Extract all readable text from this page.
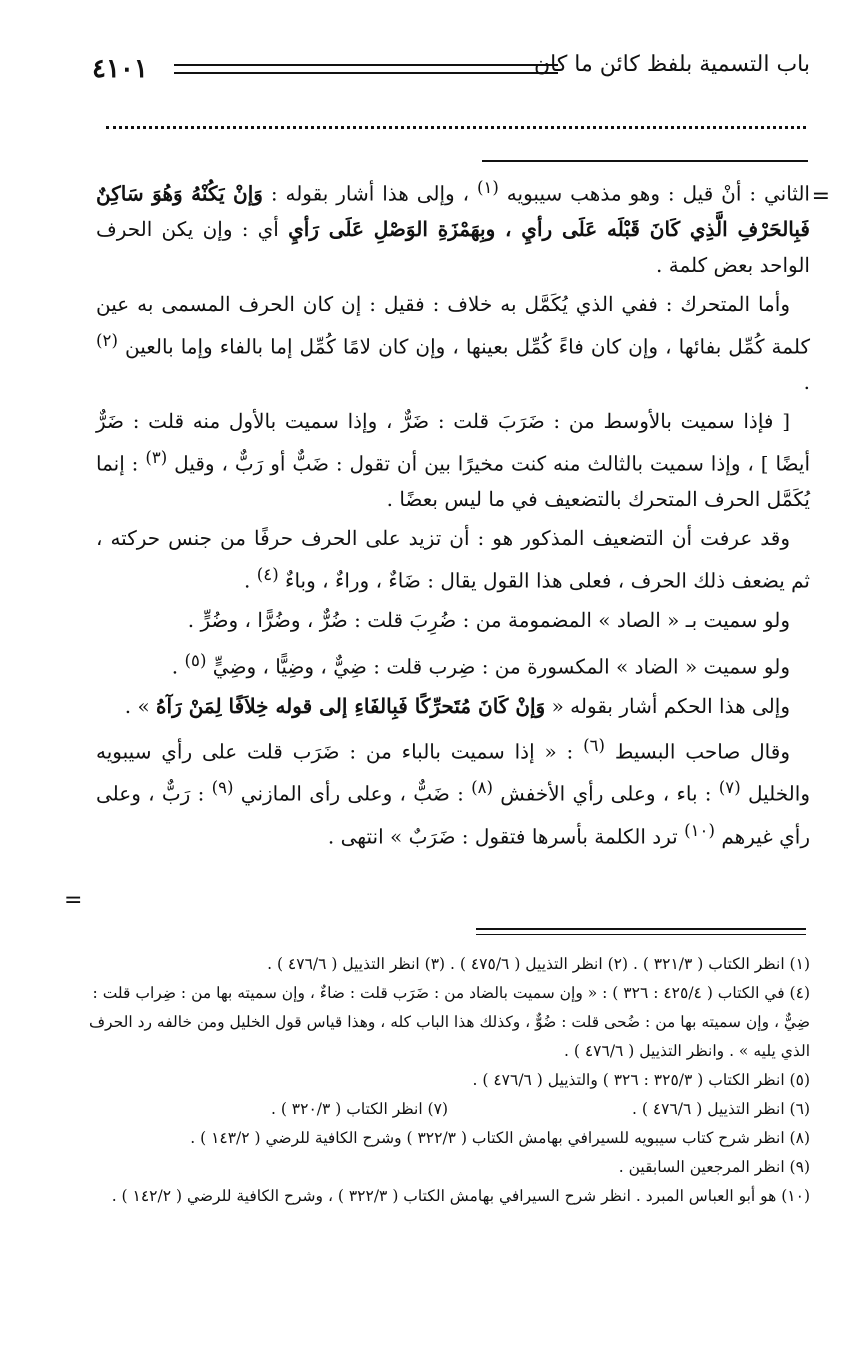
٤١٠١	باب التسمية بلفظ كائن ما كان
=
=

الثاني : أنْ قيل : وهو مذهب سيبويه $^{(١)}$ ، وإلى هذا أشار بقوله : وَإنْ يَكُنْهُ وَهُوَ سَاكِنٌ فَبِالحَرْفِ الَّذِي كَانَ قَبْلَه عَلَى رأيِ ، وبِهَمْزَةِ الوَصْلِ عَلَى رَأيِ أي : وإن يكن الحرف الواحد بعض كلمة .

وأما المتحرك : ففي الذي يُكَمَّل به خلاف : فقيل : إن كان الحرف المسمى به عين كلمة كُمِّل بفائها ، وإن كان فاءً كُمِّل بعينها ، وإن كان لامًا كُمِّل إما بالفاء وإما بالعين $^{(٢)}$ .

[ فإذا سميت بالأوسط من : ضَرَبَ قلت : ضَرٌّ ، وإذا سميت بالأول منه قلت : ضَرٌّ أيضًا ] ، وإذا سميت بالثالث منه كنت مخيرًا بين أن تقول : ضَبٌّ أو رَبٌّ ، وقيل $^{(٣)}$ : إنما يُكَمَّل الحرف المتحرك بالتضعيف في ما ليس بعضًا .

وقد عرفت أن التضعيف المذكور هو : أن تزيد على الحرف حرفًا من جنس حركته ، ثم يضعف ذلك الحرف ، فعلى هذا القول يقال : ضَاءٌ ، وراءٌ ، وباءٌ $^{(٤)}$ .

ولو سميت بـ « الصاد » المضمومة من : ضُرِبَ قلت : ضُرٌّ ، وضُرًّا ، وضُرٍّ .

ولو سميت « الضاد » المكسورة من : ضِرب قلت : ضِيٌّ ، وضِيًّا ، وضِيٍّ $^{(٥)}$ .

وإلى هذا الحكم أشار بقوله « وَإنْ كَانَ مُتَحرِّكًا فَبِالفَاءِ إلى قوله خِلاَفًا لِمَنْ رَآهُ » .

وقال صاحب البسيط $^{(٦)}$ : « إذا سميت بالباء من : ضَرَب قلت على رأي سيبويه والخليل $^{(٧)}$ : باء ، وعلى رأي الأخفش $^{(٨)}$ : ضَبٌّ ، وعلى رأى المازني $^{(٩)}$ : رَبٌّ ، وعلى رأي غيرهم $^{(١٠)}$ ترد الكلمة بأسرها فتقول : ضَرَبٌ » انتهى .

(١) انظر الكتاب ( ٣٢١/٣ ) . (٢) انظر التذييل ( ٤٧٥/٦ ) . (٣) انظر التذييل ( ٤٧٦/٦ ) .

(٤) في الكتاب ( ٤٢٥/٤ : ٣٢٦ ) : « وإن سميت بالضاد من : ضَرَب قلت : ضاءٌ ، وإن سميته بها من : ضِراب قلت : ضِيٌّ ، وإن سميته بها من : ضُحى قلت : ضُوٌّ ، وكذلك هذا الباب كله ، وهذا قياس قول الخليل ومن خالفه رد الحرف الذي يليه » . وانظر التذييل ( ٤٧٦/٦ ) .

(٥) انظر الكتاب ( ٣٢٥/٣ : ٣٢٦ ) والتذييل ( ٤٧٦/٦ ) .

(٦) انظر التذييل ( ٤٧٦/٦ ) .
(٧) انظر الكتاب ( ٣٢٠/٣ ) .

(٨) انظر شرح كتاب سيبويه للسيرافي بهامش الكتاب ( ٣٢٢/٣ ) وشرح الكافية للرضي ( ١٤٣/٢ ) .

(٩) انظر المرجعين السابقين .

(١٠) هو أبو العباس المبرد . انظر شرح السيرافي بهامش الكتاب ( ٣٢٢/٣ ) ، وشرح الكافية للرضي ( ١٤٢/٢ ) .
